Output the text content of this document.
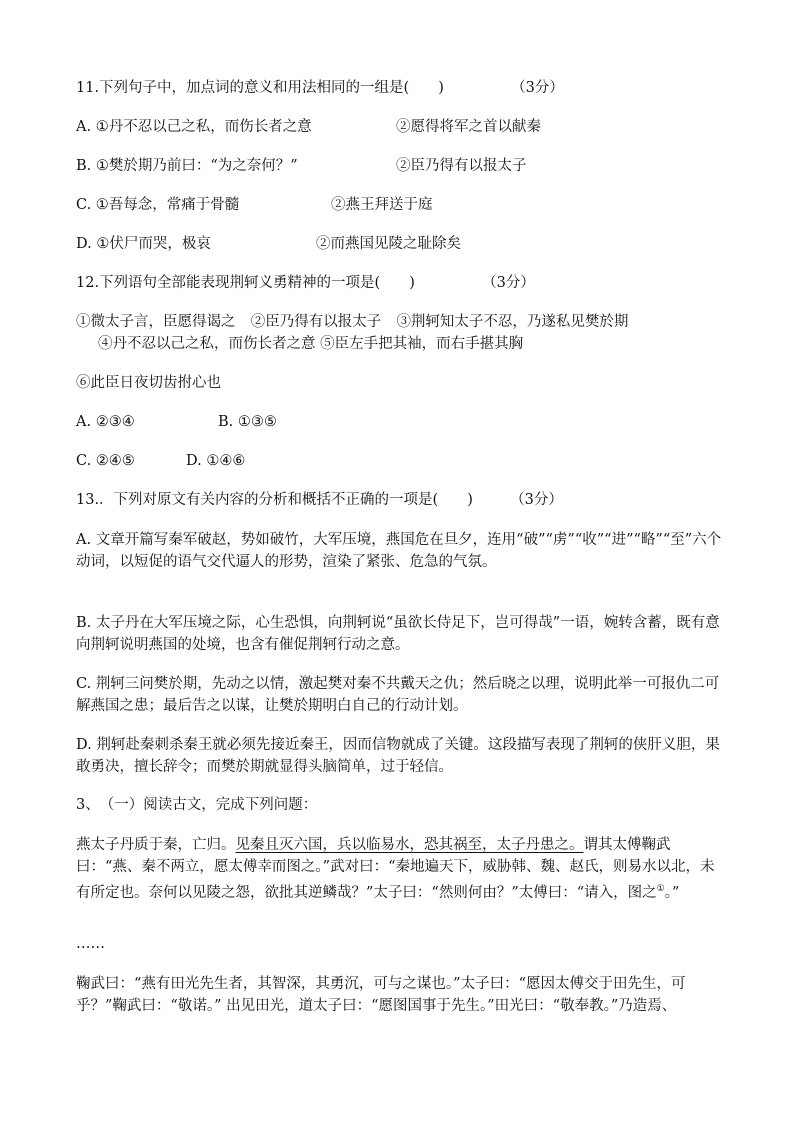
11.下列句子中，加点词的意义和用法相同的一组是(　　)	（3分）
A. ①丹不忍以己之私，而伤长者之意	②愿得将军之首以献秦
B. ①樊於期乃前曰：“为之奈何？”	②臣乃得有以报太子
C. ①吾每念，常痛于骨髓	②燕王拜送于庭
D. ①伏尸而哭，极哀	②而燕国见陵之耻除矣
12.下列语句全部能表现荆轲义勇精神的一项是(　　)	（3分）
①微太子言，臣愿得谒之 ②臣乃得有以报太子 ③荆轲知太子不忍，乃遂私见樊於期
④丹不忍以己之私，而伤长者之意 ⑤臣左手把其袖，而右手揕其胸
⑥此臣日夜切齿拊心也
A. ②③④	B. ①③⑤
C. ②④⑤	D. ①④⑥
13.．下列对原文有关内容的分析和概括不正确的一项是(　　)	（3分）
A. 文章开篇写秦军破赵，势如破竹，大军压境，燕国危在旦夕，连用“破”“虏”“收”“进”“略”“至”六个动词，以短促的语气交代逼人的形势，渲染了紧张、危急的气氛。
B. 太子丹在大军压境之际，心生恐惧，向荆轲说“虽欲长侍足下，岂可得哉”一语，婉转含蓄，既有意向荆轲说明燕国的处境，也含有催促荆轲行动之意。
C. 荆轲三问樊於期，先动之以情，激起樊对秦不共戴天之仇；然后晓之以理，说明此举一可报仇二可解燕国之患；最后告之以谋，让樊於期明白自己的行动计划。
D. 荆轲赴秦刺杀秦王就必须先接近秦王，因而信物就成了关键。这段描写表现了荆轲的侠肝义胆，果敢勇决，擅长辞令；而樊於期就显得头脑简单，过于轻信。
3、　（一）阅读古文，完成下列问题：
燕太子丹质于秦，亡归。见秦且灭六国，兵以临易水，恐其祸至，太子丹患之。谓其太傅鞠武曰：“燕、秦不两立，愿太傅幸而图之。”武对曰：“秦地遍天下，威胁韩、魏、赵氏，则易水以北，未有所定也。奈何以见陵之怨，欲批其逆鳞哉？”太子曰：“然则何由？”太傅曰：“请入，图之①。”
……
鞠武曰：“燕有田光先生者，其智深，其勇沉，可与之谋也。”太子曰：“愿因太傅交于田先生，可乎？”鞠武曰：“敬诺。” 出见田光，道太子曰：“愿图国事于先生。”田光曰：“敬奉教。”乃造焉、
